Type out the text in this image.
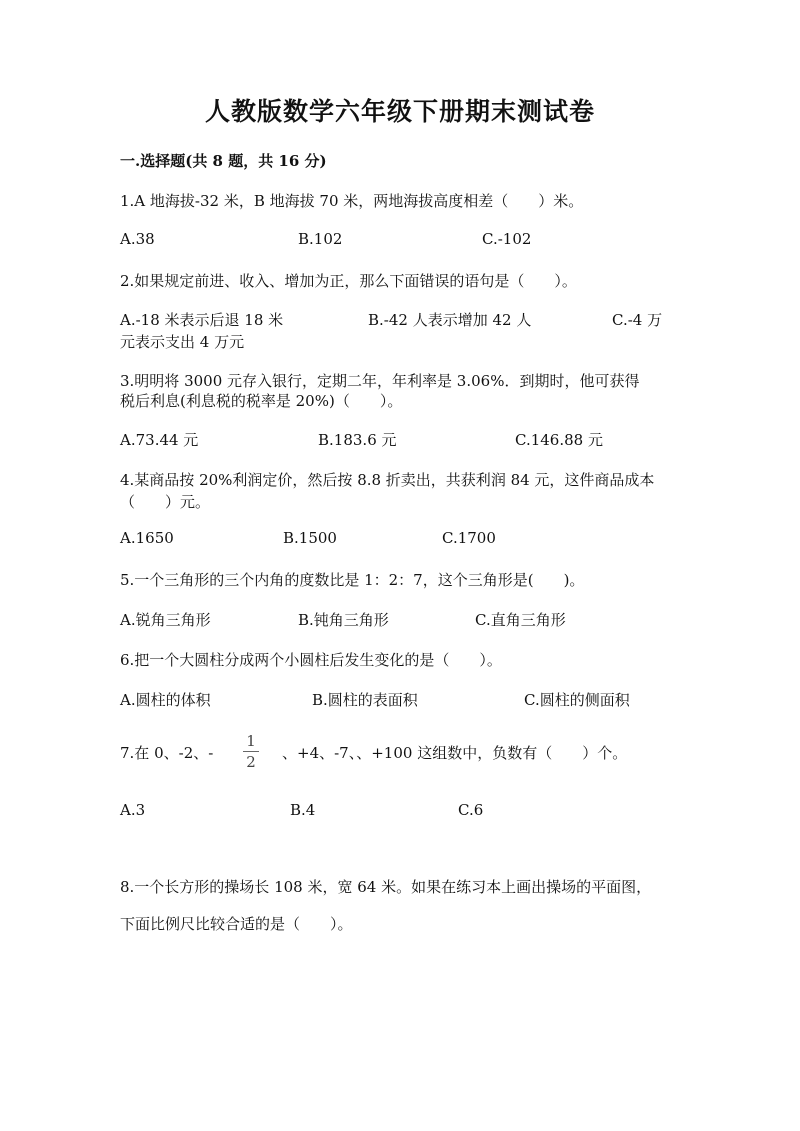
人教版数学六年级下册期末测试卷
一.选择题(共 8 题，共 16 分)
1.A 地海拔-32 米，B 地海拔 70 米，两地海拔高度相差（　　）米。
A.38	B.102	C.-102
2.如果规定前进、收入、增加为正，那么下面错误的语句是（　　）。
A.-18 米表示后退 18 米	B.-42 人表示增加 42 人	C.-4 万
元表示支出 4 万元
3.明明将 3000 元存入银行，定期二年，年利率是 3.06%．到期时，他可获得
税后利息(利息税的税率是 20%)（　　）。
A.73.44 元	B.183.6 元	C.146.88 元
4.某商品按 20%利润定价，然后按 8.8 折卖出，共获利润 84 元，这件商品成本
（　　）元。
A.1650	B.1500	C.1700
5.一个三角形的三个内角的度数比是 1：2：7，这个三角形是(　　)。
A.锐角三角形	B.钝角三角形	C.直角三角形
6.把一个大圆柱分成两个小圆柱后发生变化的是（　　）。
A.圆柱的体积	B.圆柱的表面积	C.圆柱的侧面积
7.在 0、-2、-
1
2 、+4、-7、、+100 这组数中，负数有（　　）个。
A.3	B.4	C.6
8.一个长方形的操场长 108 米，宽 64 米。如果在练习本上画出操场的平面图，
下面比例尺比较合适的是（　　）。
